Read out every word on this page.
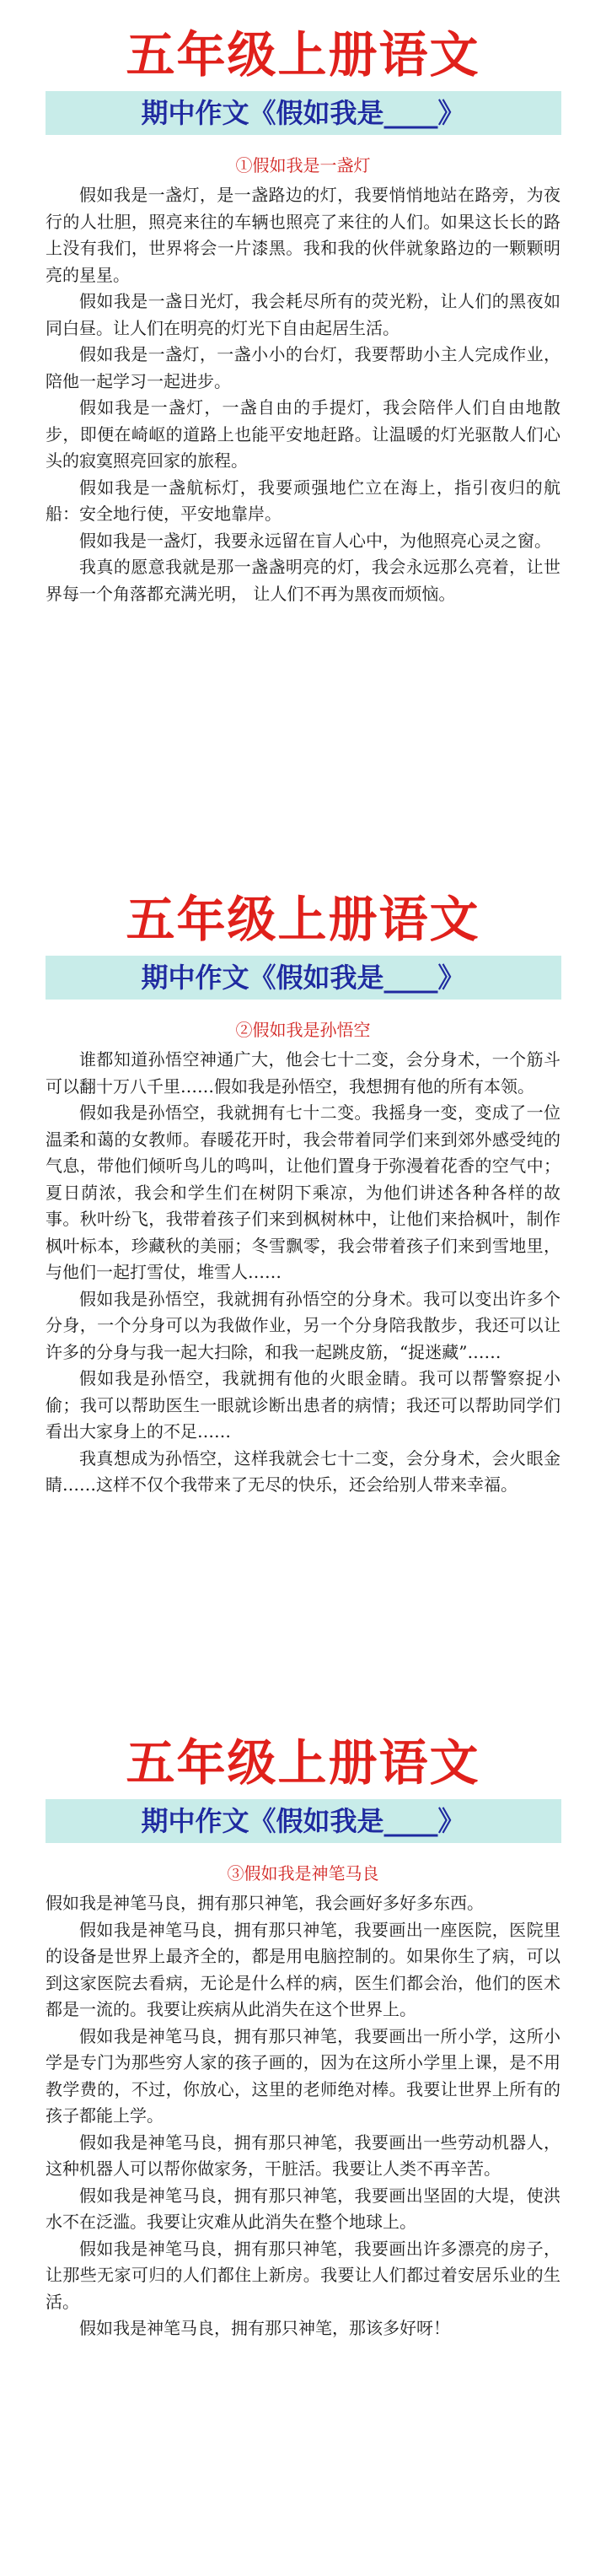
五年级上册语文
期中作文《假如我是____》
①假如我是一盏灯

假如我是一盏灯，是一盏路边的灯，我要悄悄地站在路旁，为夜行的人壮胆，照亮来往的车辆也照亮了来往的人们。如果这长长的路上没有我们，世界将会一片漆黑。我和我的伙伴就象路边的一颗颗明亮的星星。

假如我是一盏日光灯，我会耗尽所有的荧光粉，让人们的黑夜如同白昼。让人们在明亮的灯光下自由起居生活。

假如我是一盏灯，一盏小小的台灯，我要帮助小主人完成作业，陪他一起学习一起进步。

假如我是一盏灯，一盏自由的手提灯，我会陪伴人们自由地散步，即便在崎岖的道路上也能平安地赶路。让温暖的灯光驱散人们心头的寂寞照亮回家的旅程。

假如我是一盏航标灯，我要顽强地伫立在海上，指引夜归的航船：安全地行使，平安地靠岸。

假如我是一盏灯，我要永远留在盲人心中，为他照亮心灵之窗。

我真的愿意我就是那一盏盏明亮的灯，我会永远那么亮着，让世界每一个角落都充满光明， 让人们不再为黑夜而烦恼。

五年级上册语文
期中作文《假如我是____》
②假如我是孙悟空

谁都知道孙悟空神通广大，他会七十二变，会分身术，一个筋斗可以翻十万八千里……假如我是孙悟空，我想拥有他的所有本领。

假如我是孙悟空，我就拥有七十二变。我摇身一变，变成了一位温柔和蔼的女教师。春暖花开时，我会带着同学们来到郊外感受纯的气息，带他们倾听鸟儿的鸣叫，让他们置身于弥漫着花香的空气中；夏日荫浓，我会和学生们在树阴下乘凉，为他们讲述各种各样的故事。秋叶纷飞，我带着孩子们来到枫树林中，让他们来拾枫叶，制作枫叶标本，珍藏秋的美丽；冬雪飘零，我会带着孩子们来到雪地里，与他们一起打雪仗，堆雪人……

假如我是孙悟空，我就拥有孙悟空的分身术。我可以变出许多个分身，一个分身可以为我做作业，另一个分身陪我散步，我还可以让许多的分身与我一起大扫除，和我一起跳皮筋，“捉迷藏”……

假如我是孙悟空，我就拥有他的火眼金睛。我可以帮警察捉小偷；我可以帮助医生一眼就诊断出患者的病情；我还可以帮助同学们看出大家身上的不足……

我真想成为孙悟空，这样我就会七十二变，会分身术，会火眼金睛……这样不仅个我带来了无尽的快乐，还会给别人带来幸福。

五年级上册语文
期中作文《假如我是____》
③假如我是神笔马良

假如我是神笔马良，拥有那只神笔，我会画好多好多东西。

假如我是神笔马良，拥有那只神笔，我要画出一座医院，医院里的设备是世界上最齐全的，都是用电脑控制的。如果你生了病，可以到这家医院去看病，无论是什么样的病，医生们都会治，他们的医术都是一流的。我要让疾病从此消失在这个世界上。

假如我是神笔马良，拥有那只神笔，我要画出一所小学，这所小学是专门为那些穷人家的孩子画的，因为在这所小学里上课，是不用教学费的，不过，你放心，这里的老师绝对棒。我要让世界上所有的孩子都能上学。

假如我是神笔马良，拥有那只神笔，我要画出一些劳动机器人，这种机器人可以帮你做家务，干脏活。我要让人类不再辛苦。

假如我是神笔马良，拥有那只神笔，我要画出坚固的大堤，使洪水不在泛滥。我要让灾难从此消失在整个地球上。

假如我是神笔马良，拥有那只神笔，我要画出许多漂亮的房子，让那些无家可归的人们都住上新房。我要让人们都过着安居乐业的生活。

假如我是神笔马良，拥有那只神笔，那该多好呀！
